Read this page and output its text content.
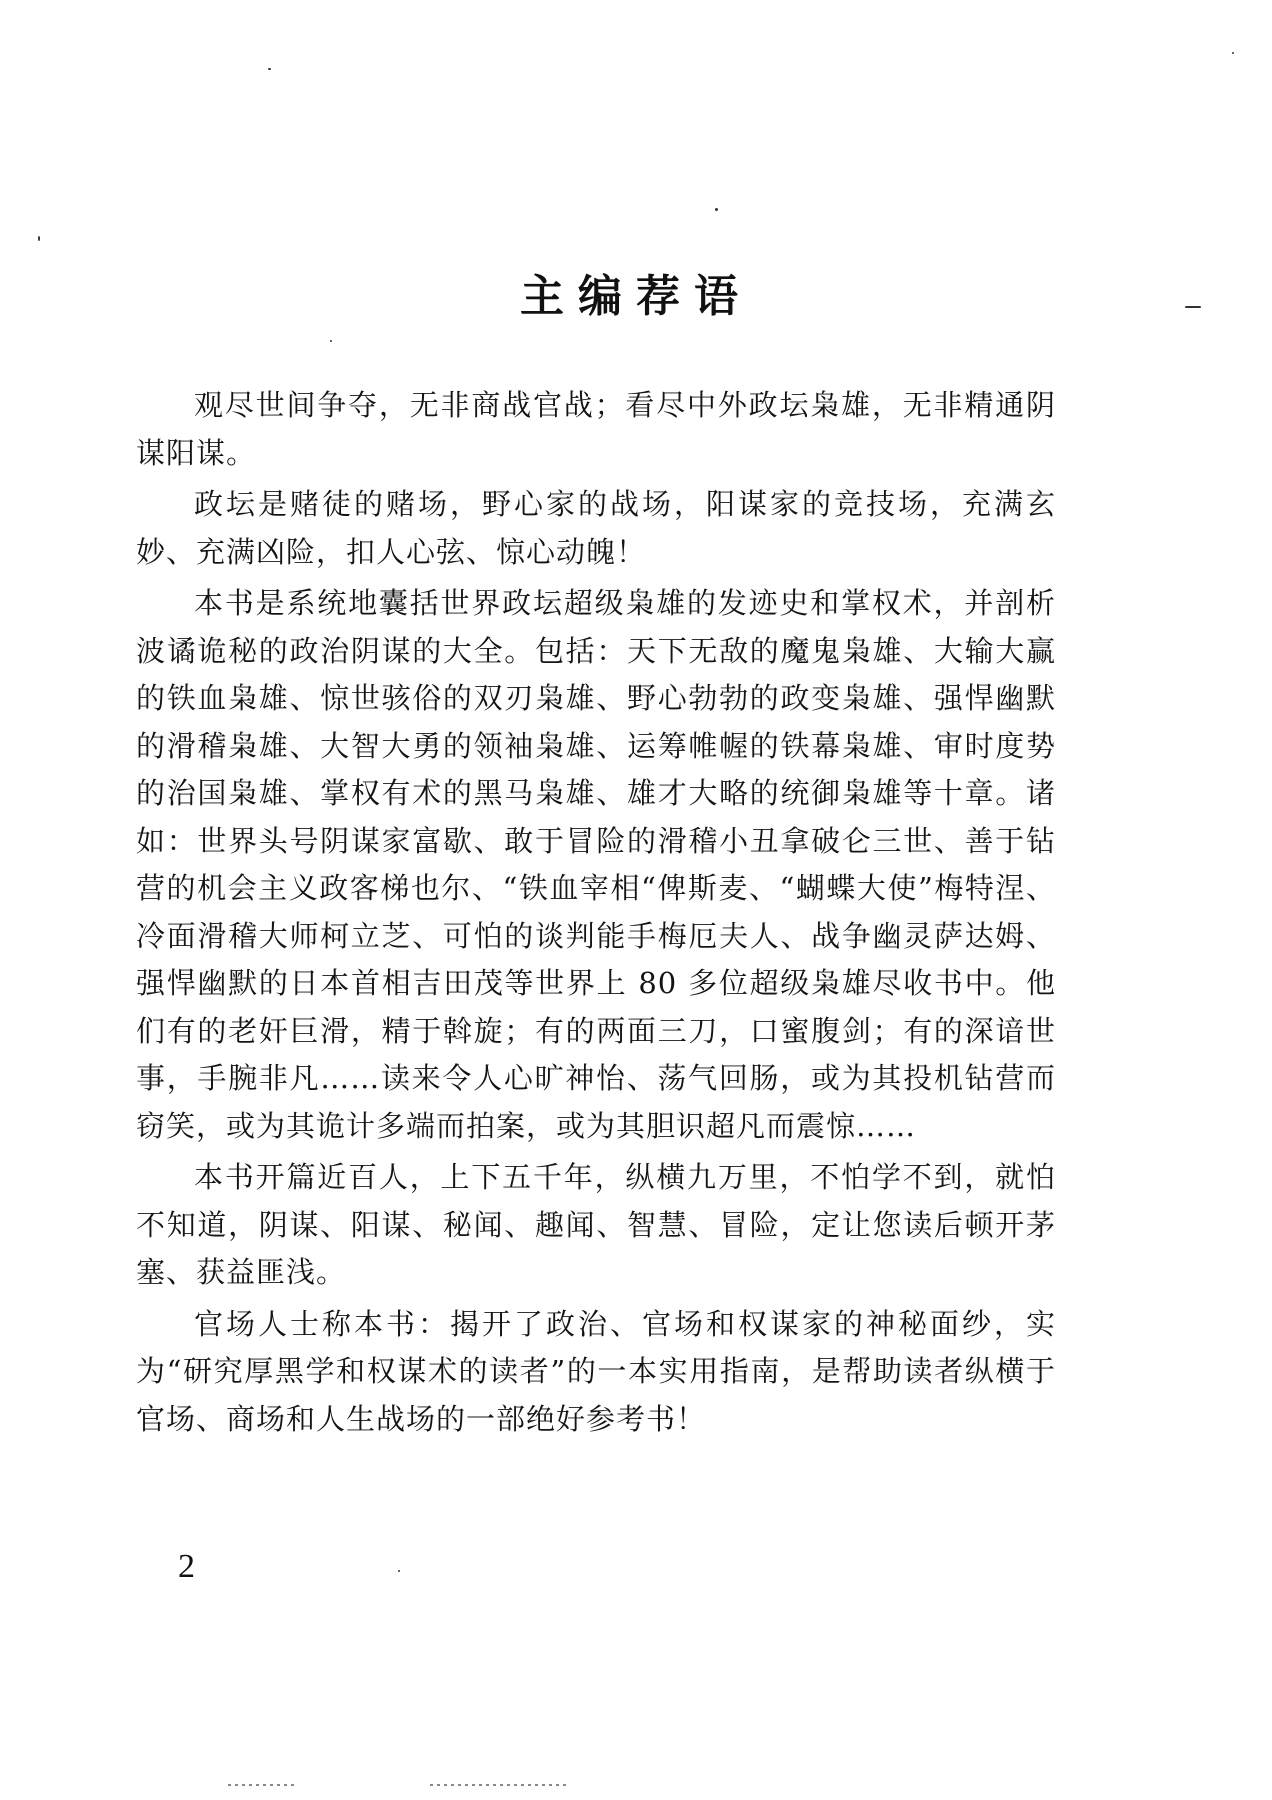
主编荐语

观尽世间争夺，无非商战官战；看尽中外政坛枭雄，无非精通阴谋阳谋。

政坛是赌徒的赌场，野心家的战场，阳谋家的竞技场，充满玄妙、充满凶险，扣人心弦、惊心动魄！

本书是系统地囊括世界政坛超级枭雄的发迹史和掌权术，并剖析波谲诡秘的政治阴谋的大全。包括：天下无敌的魔鬼枭雄、大输大赢的铁血枭雄、惊世骇俗的双刃枭雄、野心勃勃的政变枭雄、强悍幽默的滑稽枭雄、大智大勇的领袖枭雄、运筹帷幄的铁幕枭雄、审时度势的治国枭雄、掌权有术的黑马枭雄、雄才大略的统御枭雄等十章。诸如：世界头号阴谋家富歇、敢于冒险的滑稽小丑拿破仑三世、善于钻营的机会主义政客梯也尔、“铁血宰相“俾斯麦、“蝴蝶大使”梅特涅、冷面滑稽大师柯立芝、可怕的谈判能手梅厄夫人、战争幽灵萨达姆、强悍幽默的日本首相吉田茂等世界上 80 多位超级枭雄尽收书中。他们有的老奸巨滑，精于斡旋；有的两面三刀，口蜜腹剑；有的深谙世事，手腕非凡……读来令人心旷神怡、荡气回肠，或为其投机钻营而窃笑，或为其诡计多端而拍案，或为其胆识超凡而震惊……

本书开篇近百人，上下五千年，纵横九万里，不怕学不到，就怕不知道，阴谋、阳谋、秘闻、趣闻、智慧、冒险，定让您读后顿开茅塞、获益匪浅。

官场人士称本书：揭开了政治、官场和权谋家的神秘面纱，实为“研究厚黑学和权谋术的读者”的一本实用指南，是帮助读者纵横于官场、商场和人生战场的一部绝好参考书！

2
